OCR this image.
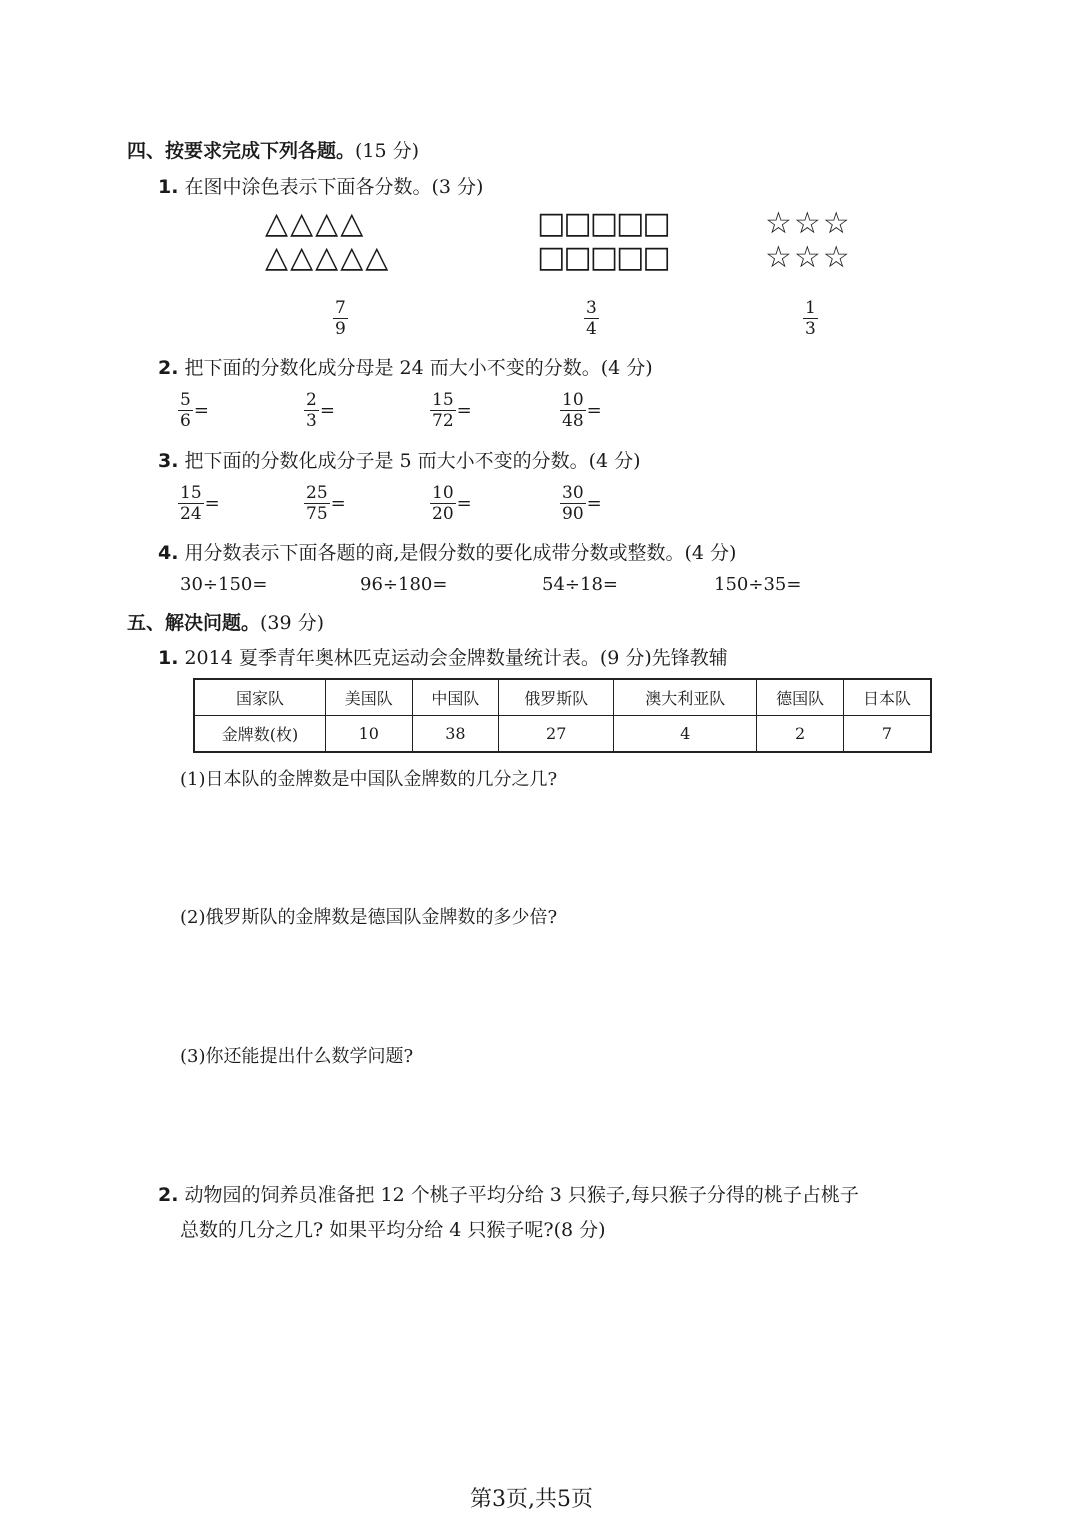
四、按要求完成下列各题。(15 分)
1. 在图中涂色表示下面各分数。(3 分)
△△△△
△△△△△
□□□□□
□□□□□
☆☆☆
☆☆☆
$\frac{7}{9}$	$\frac{3}{4}$	$\frac{1}{3}$
2. 把下面的分数化成分母是 24 而大小不变的分数。(4 分)
$\frac{5}{6}$ =	$\frac{2}{3}$ =	$\frac{15}{72}$ =	$\frac{10}{48}$ =
3. 把下面的分数化成分子是 5 而大小不变的分数。(4 分)
$\frac{15}{24}$ =	$\frac{25}{75}$ =	$\frac{10}{20}$ =	$\frac{30}{90}$ =
4. 用分数表示下面各题的商,是假分数的要化成带分数或整数。(4 分)
30÷150=	96÷180=	54÷18=	150÷35=
五、解决问题。(39 分)
1. 2014 夏季青年奥林匹克运动会金牌数量统计表。(9 分)先锋教辅
国家队	美国队	中国队	俄罗斯队	澳大利亚队	德国队	日本队
金牌数(枚)	10	38	27	4	2	7
(1)日本队的金牌数是中国队金牌数的几分之几?
(2)俄罗斯队的金牌数是德国队金牌数的多少倍?
(3)你还能提出什么数学问题?
2. 动物园的饲养员准备把 12 个桃子平均分给 3 只猴子,每只猴子分得的桃子占桃子
总数的几分之几? 如果平均分给 4 只猴子呢?(8 分)
第3页,共5页
